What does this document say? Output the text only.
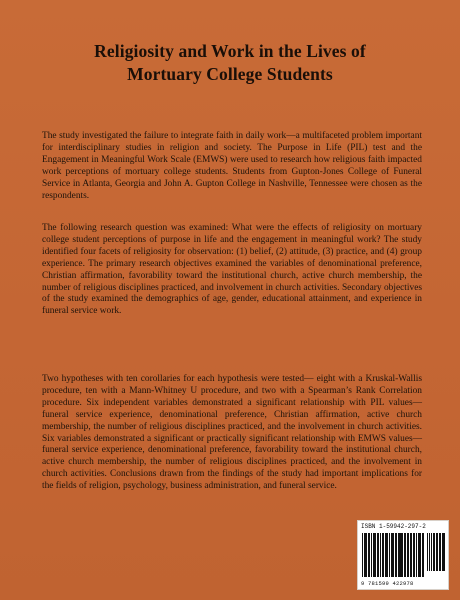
Religiosity and Work in the Lives of
Mortuary College Students
The study investigated the failure to integrate faith in daily work—a multifaceted problem important for interdisciplinary studies in religion and society. The Purpose in Life (PIL) test and the Engagement in Meaningful Work Scale (EMWS) were used to research how religious faith impacted work perceptions of mortuary college students. Students from Gupton-Jones College of Funeral Service in Atlanta, Georgia and John A. Gupton College in Nashville, Tennessee were chosen as the respondents.
The following research question was examined: What were the effects of religiosity on mortuary college student perceptions of purpose in life and the engagement in meaningful work? The study identified four facets of religiosity for observation: (1) belief, (2) attitude, (3) practice, and (4) group experience. The primary research objectives examined the variables of denominational preference, Christian affirmation, favorability toward the institutional church, active church membership, the number of religious disciplines practiced, and involvement in church activities. Secondary objectives of the study examined the demographics of age, gender, educational attainment, and experience in funeral service work.
Two hypotheses with ten corollaries for each hypothesis were tested— eight with a Kruskal-Wallis procedure, ten with a Mann-Whitney U procedure, and two with a Spearman’s Rank Correlation procedure. Six independent variables demonstrated a significant relationship with PIL values—funeral service experience, denominational preference, Christian affirmation, active church membership, the number of religious disciplines practiced, and the involvement in church activities. Six variables demonstrated a significant or practically significant relationship with EMWS values—funeral service experience, denominational preference, favorability toward the institutional church, active church membership, the number of religious disciplines practiced, and the involvement in church activities. Conclusions drawn from the findings of the study had important implications for the fields of religion, psychology, business administration, and funeral service.
ISBN 1-59942-297-2
9 781599 422978
